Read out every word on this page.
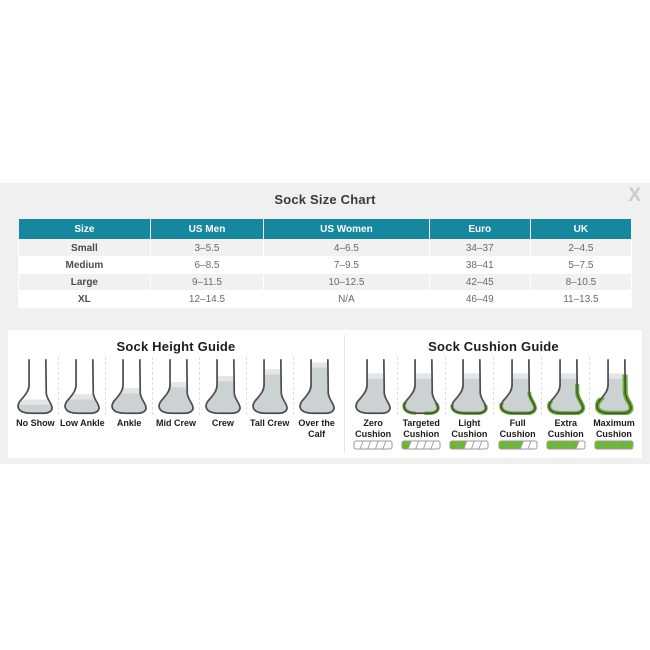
Sock Size Chart	X
Size	US Men	US Women	Euro	UK
Small	3–5.5	4–6.5	34–37	2–4.5
Medium	6–8.5	7–9.5	38–41	5–7.5
Large	9–11.5	10–12.5	42–45	8–10.5
XL	12–14.5	N/A	46–49	11–13.5
Sock Height Guide
No Show Low Ankle Ankle Mid Crew Crew Tall Crew Over the Calf
Sock Cushion Guide
Zero Cushion
Targeted Cushion
Light Cushion
Full Cushion
Extra Cushion
Maximum Cushion
